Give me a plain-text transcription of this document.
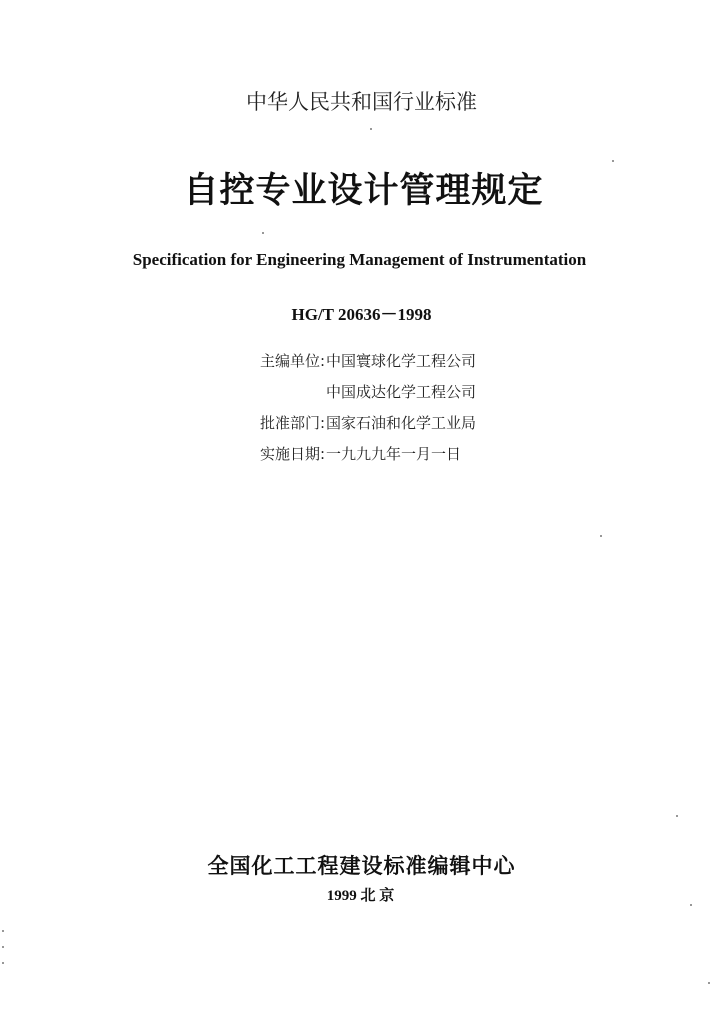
中华人民共和国行业标准
自控专业设计管理规定
Specification for Engineering Management of Instrumentation
HG/T 20636－1998
主编单位: 中国寰球化学工程公司
中国成达化学工程公司
批准部门: 国家石油和化学工业局
实施日期: 一九九九年一月一日
全国化工工程建设标准编辑中心
1999 北 京
